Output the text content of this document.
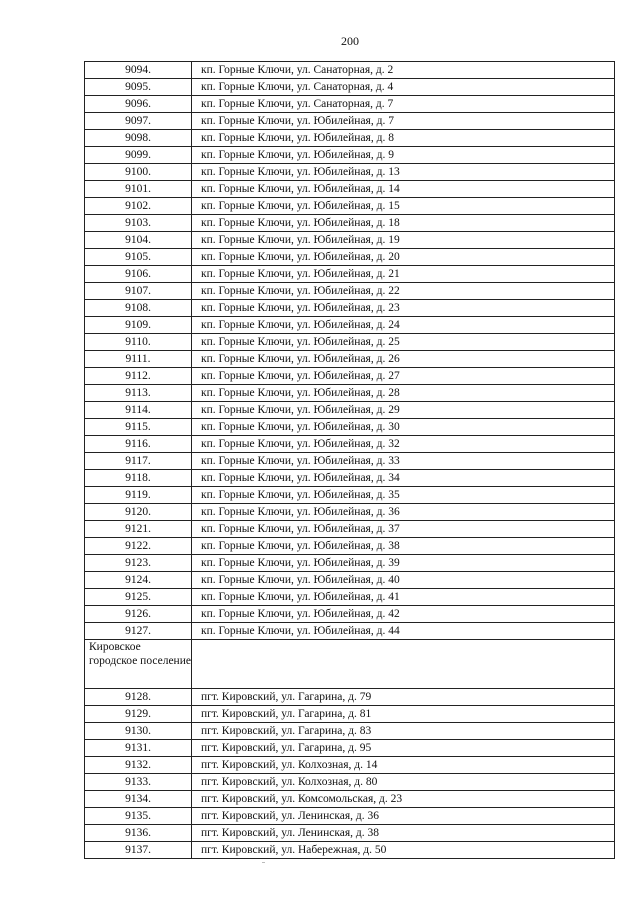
200
9094.	кп. Горные Ключи, ул. Санаторная, д. 2
9095.	кп. Горные Ключи, ул. Санаторная, д. 4
9096.	кп. Горные Ключи, ул. Санаторная, д. 7
9097.	кп. Горные Ключи, ул. Юбилейная, д. 7
9098.	кп. Горные Ключи, ул. Юбилейная, д. 8
9099.	кп. Горные Ключи, ул. Юбилейная, д. 9
9100.	кп. Горные Ключи, ул. Юбилейная, д. 13
9101.	кп. Горные Ключи, ул. Юбилейная, д. 14
9102.	кп. Горные Ключи, ул. Юбилейная, д. 15
9103.	кп. Горные Ключи, ул. Юбилейная, д. 18
9104.	кп. Горные Ключи, ул. Юбилейная, д. 19
9105.	кп. Горные Ключи, ул. Юбилейная, д. 20
9106.	кп. Горные Ключи, ул. Юбилейная, д. 21
9107.	кп. Горные Ключи, ул. Юбилейная, д. 22
9108.	кп. Горные Ключи, ул. Юбилейная, д. 23
9109.	кп. Горные Ключи, ул. Юбилейная, д. 24
9110.	кп. Горные Ключи, ул. Юбилейная, д. 25
9111.	кп. Горные Ключи, ул. Юбилейная, д. 26
9112.	кп. Горные Ключи, ул. Юбилейная, д. 27
9113.	кп. Горные Ключи, ул. Юбилейная, д. 28
9114.	кп. Горные Ключи, ул. Юбилейная, д. 29
9115.	кп. Горные Ключи, ул. Юбилейная, д. 30
9116.	кп. Горные Ключи, ул. Юбилейная, д. 32
9117.	кп. Горные Ключи, ул. Юбилейная, д. 33
9118.	кп. Горные Ключи, ул. Юбилейная, д. 34
9119.	кп. Горные Ключи, ул. Юбилейная, д. 35
9120.	кп. Горные Ключи, ул. Юбилейная, д. 36
9121.	кп. Горные Ключи, ул. Юбилейная, д. 37
9122.	кп. Горные Ключи, ул. Юбилейная, д. 38
9123.	кп. Горные Ключи, ул. Юбилейная, д. 39
9124.	кп. Горные Ключи, ул. Юбилейная, д. 40
9125.	кп. Горные Ключи, ул. Юбилейная, д. 41
9126.	кп. Горные Ключи, ул. Юбилейная, д. 42
9127.	кп. Горные Ключи, ул. Юбилейная, д. 44
Кировское городское поселение	
9128.	пгт. Кировский, ул. Гагарина, д. 79
9129.	пгт. Кировский, ул. Гагарина, д. 81
9130.	пгт. Кировский, ул. Гагарина, д. 83
9131.	пгт. Кировский, ул. Гагарина, д. 95
9132.	пгт. Кировский, ул. Колхозная, д. 14
9133.	пгт. Кировский, ул. Колхозная, д. 80
9134.	пгт. Кировский, ул. Комсомольская, д. 23
9135.	пгт. Кировский, ул. Ленинская, д. 36
9136.	пгт. Кировский, ул. Ленинская, д. 38
9137.	пгт. Кировский, ул. Набережная, д. 50
